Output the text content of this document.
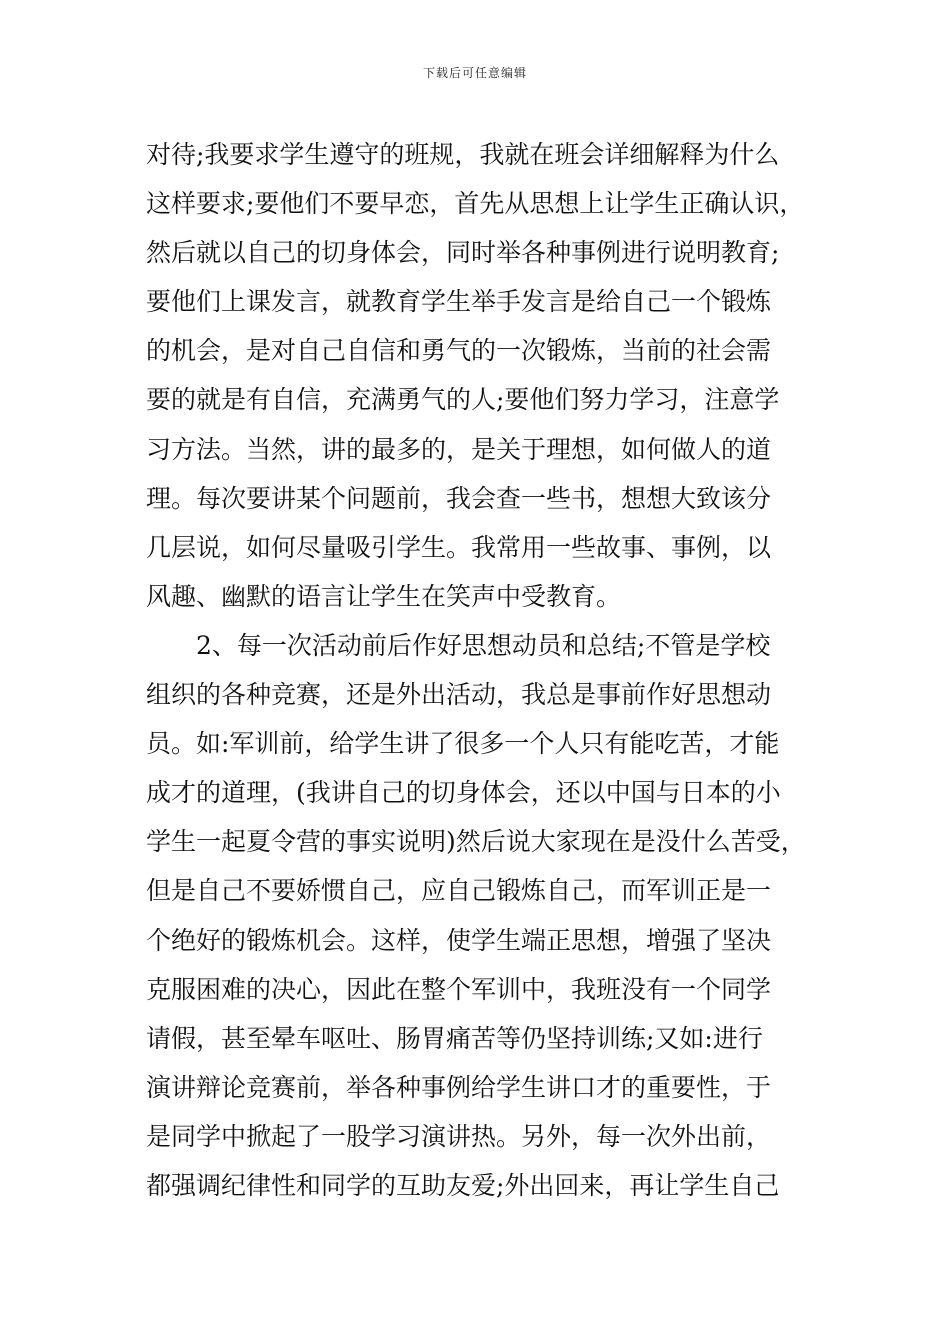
下载后可任意编辑
对待;我要求学生遵守的班规，我就在班会详细解释为什么
这样要求;要他们不要早恋，首先从思想上让学生正确认识，
然后就以自己的切身体会，同时举各种事例进行说明教育;
要他们上课发言，就教育学生举手发言是给自己一个锻炼
的机会，是对自己自信和勇气的一次锻炼，当前的社会需
要的就是有自信，充满勇气的人;要他们努力学习，注意学
习方法。当然，讲的最多的，是关于理想，如何做人的道
理。每次要讲某个问题前，我会查一些书，想想大致该分
几层说，如何尽量吸引学生。我常用一些故事、事例，以
风趣、幽默的语言让学生在笑声中受教育。
2、每一次活动前后作好思想动员和总结;不管是学校
组织的各种竞赛，还是外出活动，我总是事前作好思想动
员。如:军训前，给学生讲了很多一个人只有能吃苦，才能
成才的道理，(我讲自己的切身体会，还以中国与日本的小
学生一起夏令营的事实说明)然后说大家现在是没什么苦受，
但是自己不要娇惯自己，应自己锻炼自己，而军训正是一
个绝好的锻炼机会。这样，使学生端正思想，增强了坚决
克服困难的决心，因此在整个军训中，我班没有一个同学
请假，甚至晕车呕吐、肠胃痛苦等仍坚持训练;又如:进行
演讲辩论竞赛前，举各种事例给学生讲口才的重要性，于
是同学中掀起了一股学习演讲热。另外，每一次外出前，
都强调纪律性和同学的互助友爱;外出回来，再让学生自己
